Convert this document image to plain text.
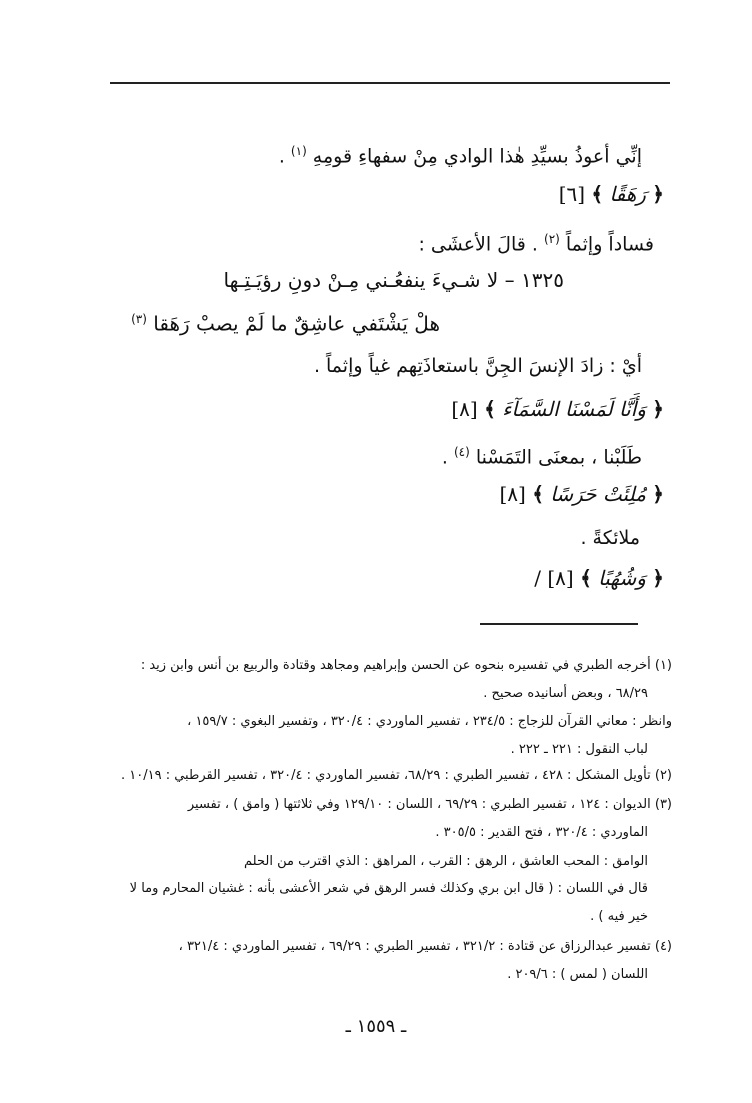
إنِّي أعوذُ بسيِّدِ هٰذا الوادي مِنْ سفهاءِ قومِهِ $^{(١)}$ .
﴿ رَهَقًا ﴾ [٦]
فساداً وإثماً $^{(٢)}$ . قالَ الأعشَى :
١٣٢٥ – لا شـيءَ ينفعُـني مِـنْ دونِ رؤيَـتِـها
هلْ يَشْتَفي عاشِقٌ ما لَمْ يصبْ رَهَقا $^{(٣)}$
أيْ : زادَ الإنسَ الجِنَّ باستعاذَتِهم غياً وإثماً .
﴿ وَأَنَّا لَمَسْنَا السَّمَآءَ ﴾ [٨]
طَلَبْنا ، بمعنَى التَمَسْنا $^{(٤)}$ .
﴿ مُلِئَتْ حَرَسًا ﴾ [٨]
ملائكةً .
﴿ وَشُهُبًا ﴾ [٨] /
(١) أخرجه الطبري في تفسيره بنحوه عن الحسن وإبراهيم ومجاهد وقتادة والربيع بن أنس وابن زيد :
٦٨/٢٩ ، وبعض أسانيده صحيح .
وانظر : معاني القرآن للزجاج : ٢٣٤/٥ ، تفسير الماوردي : ٣٢٠/٤ ، وتفسير البغوي : ١٥٩/٧ ،
لباب النقول : ٢٢١ ـ ٢٢٢ .
(٢) تأويل المشكل : ٤٢٨ ، تفسير الطبري : ٦٨/٢٩، تفسير الماوردي : ٣٢٠/٤ ، تفسير القرطبي : ١٠/١٩ .
(٣) الديوان : ١٢٤ ، تفسير الطبري : ٦٩/٢٩ ، اللسان : ١٢٩/١٠ وفي ثلاثتها ( وامق ) ، تفسير
الماوردي : ٣٢٠/٤ ، فتح القدير : ٣٠٥/٥ .
الوامق : المحب العاشق ، الرهق : القرب ، المراهق : الذي اقترب من الحلم
قال في اللسان : ( قال ابن بري وكذلك فسر الرهق في شعر الأعشى بأنه : غشيان المحارم وما لا
خير فيه ) .
(٤) تفسير عبدالرزاق عن قتادة : ٣٢١/٢ ، تفسير الطبري : ٦٩/٢٩ ، تفسير الماوردي : ٣٢١/٤ ،
اللسان ( لمس ) : ٢٠٩/٦ .
ـ ١٥٥٩ ـ
